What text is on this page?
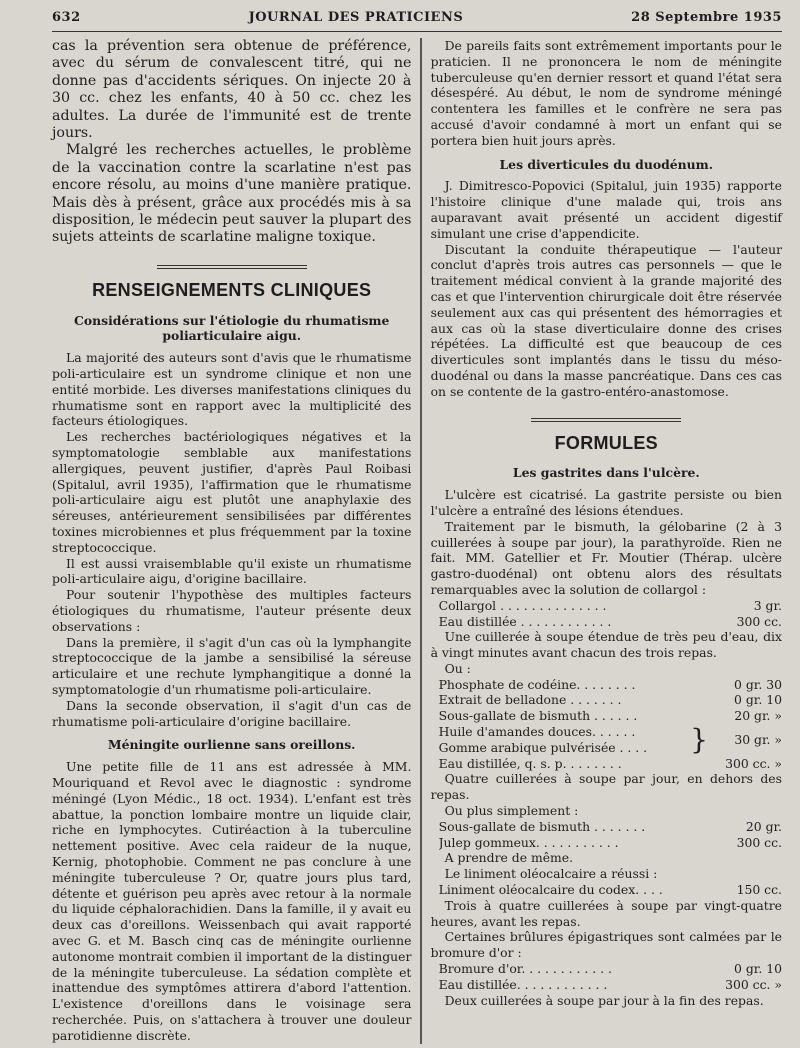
632	JOURNAL DES PRATICIENS	28 Septembre 1935

cas la prévention sera obtenue de préférence, avec du sérum de convalescent titré, qui ne donne pas d'accidents sériques. On injecte 20 à 30 cc. chez les enfants, 40 à 50 cc. chez les adultes. La durée de l'immunité est de trente jours.

Malgré les recherches actuelles, le problème de la vaccination contre la scarlatine n'est pas encore résolu, au moins d'une manière pratique. Mais dès à présent, grâce aux procédés mis à sa disposition, le médecin peut sauver la plupart des sujets atteints de scarlatine maligne toxique.

RENSEIGNEMENTS CLINIQUES
Considérations sur l'étiologie du rhumatisme poliarticulaire aigu.

La majorité des auteurs sont d'avis que le rhumatisme poli-articulaire est un syndrome clinique et non une entité morbide. Les diverses manifestations cliniques du rhumatisme sont en rapport avec la multiplicité des facteurs étiologiques.

Les recherches bactériologiques négatives et la symptomatologie semblable aux manifestations allergiques, peuvent justifier, d'après Paul Roibasi (Spitalul, avril 1935), l'affirmation que le rhumatisme poli-articulaire aigu est plutôt une anaphylaxie des séreuses, antérieurement sensibilisées par différentes toxines microbiennes et plus fréquemment par la toxine streptococcique.

Il est aussi vraisemblable qu'il existe un rhumatisme poli-articulaire aigu, d'origine bacillaire.

Pour soutenir l'hypothèse des multiples facteurs étiologiques du rhumatisme, l'auteur présente deux observations :

Dans la première, il s'agit d'un cas où la lymphangite streptococcique de la jambe a sensibilisé la séreuse articulaire et une rechute lymphangitique a donné la symptomatologie d'un rhumatisme poli-articulaire.

Dans la seconde observation, il s'agit d'un cas de rhumatisme poli-articulaire d'origine bacillaire.

Méningite ourlienne sans oreillons.

Une petite fille de 11 ans est adressée à MM. Mouriquand et Revol avec le diagnostic : syndrome méningé (Lyon Médic., 18 oct. 1934). L'enfant est très abattue, la ponction lombaire montre un liquide clair, riche en lymphocytes. Cutiréaction à la tuberculine nettement positive. Avec cela raideur de la nuque, Kernig, photophobie. Comment ne pas conclure à une méningite tuberculeuse ? Or, quatre jours plus tard, détente et guérison peu après avec retour à la normale du liquide céphalorachidien. Dans la famille, il y avait eu deux cas d'oreillons. Weissenbach qui avait rapporté avec G. et M. Basch cinq cas de méningite ourlienne autonome montrait combien il important de la distinguer de la méningite tuberculeuse. La sédation complète et inattendue des symptômes attirera d'abord l'attention. L'existence d'oreillons dans le voisinage sera recherchée. Puis, on s'attachera à trouver une douleur parotidienne discrète.

De pareils faits sont extrêmement importants pour le praticien. Il ne prononcera le nom de méningite tuberculeuse qu'en dernier ressort et quand l'état sera désespéré. Au début, le nom de syndrome méningé contentera les familles et le confrère ne sera pas accusé d'avoir condamné à mort un enfant qui se portera bien huit jours après.

Les diverticules du duodénum.

J. Dimitresco-Popovici (Spitalul, juin 1935) rapporte l'histoire clinique d'une malade qui, trois ans auparavant avait présenté un accident digestif simulant une crise d'appendicite.

Discutant la conduite thérapeutique — l'auteur conclut d'après trois autres cas personnels — que le traitement médical convient à la grande majorité des cas et que l'intervention chirurgicale doit être réservée seulement aux cas qui présentent des hémorragies et aux cas où la stase diverticulaire donne des crises répétées. La difficulté est que beaucoup de ces diverticules sont implantés dans le tissu du méso-duodénal ou dans la masse pancréatique. Dans ces cas on se contente de la gastro-entéro-anastomose.

FORMULES
Les gastrites dans l'ulcère.

L'ulcère est cicatrisé. La gastrite persiste ou bien l'ulcère a entraîné des lésions étendues.

Traitement par le bismuth, la gélobarine (2 à 3 cuillerées à soupe par jour), la parathyroïde. Rien ne fait. MM. Gatellier et Fr. Moutier (Thérap. ulcère gastro-duodénal) ont obtenu alors des résultats remarquables avec la solution de collargol :

Collargol . . . . . . . . . . . . . .	3 gr.
Eau distillée . . . . . . . . . . . .	300 cc.

Une cuillerée à soupe étendue de très peu d'eau, dix à vingt minutes avant chacun des trois repas.

Ou :

Phosphate de codéine. . . . . . . .	0 gr. 30
Extrait de belladone . . . . . . .	0 gr. 10
Sous-gallate de bismuth . . . . . .	20 gr. »
Huile d'amandes douces. . . . . .
Gomme arabique pulvérisée . . . .	}	30 gr. »
Eau distillée, q. s. p. . . . . . . .	300 cc. »

Quatre cuillerées à soupe par jour, en dehors des repas.

Ou plus simplement :

Sous-gallate de bismuth . . . . . . .	20 gr.
Julep gommeux. . . . . . . . . . .	300 cc.

A prendre de même.

Le liniment oléocalcaire a réussi :

Liniment oléocalcaire du codex. . . .	150 cc.

Trois à quatre cuillerées à soupe par vingt-quatre heures, avant les repas.

Certaines brûlures épigastriques sont calmées par le bromure d'or :

Bromure d'or. . . . . . . . . . . .	0 gr. 10
Eau distillée. . . . . . . . . . . .	300 cc. »

Deux cuillerées à soupe par jour à la fin des repas.
